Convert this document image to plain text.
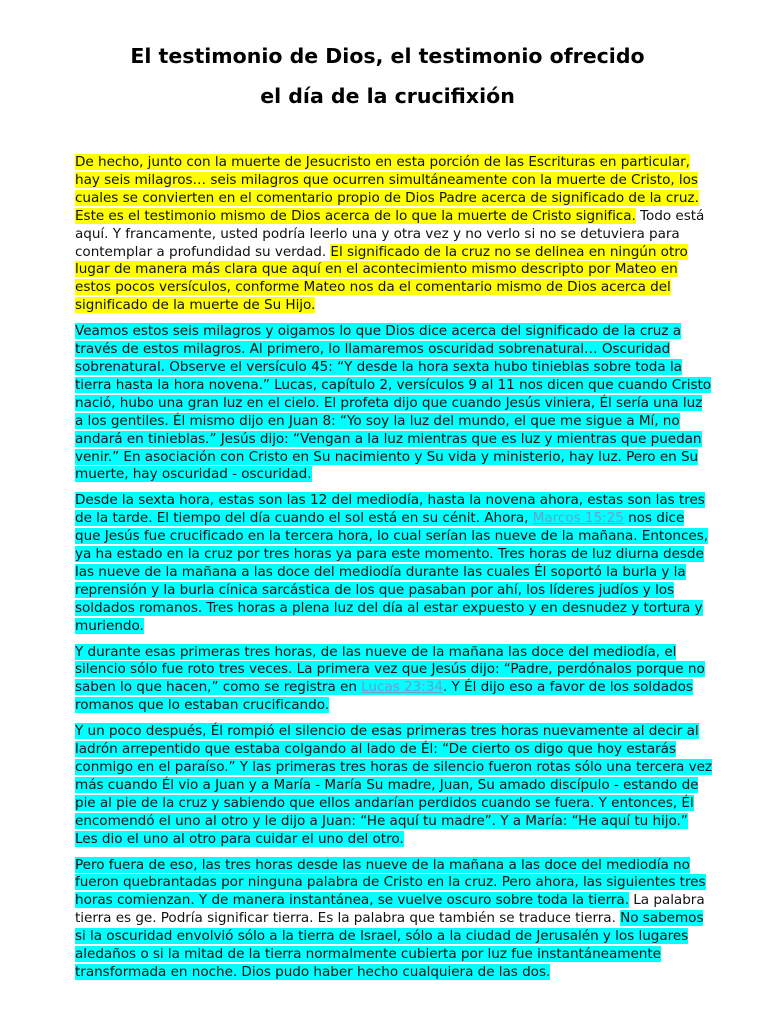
El testimonio de Dios, el testimonio ofrecido
el día de la crucifixión

De hecho, junto con la muerte de Jesucristo en esta porción de las Escrituras en particular, hay seis milagros… seis milagros que ocurren simultáneamente con la muerte de Cristo, los cuales se convierten en el comentario propio de Dios Padre acerca de significado de la cruz. Este es el testimonio mismo de Dios acerca de lo que la muerte de Cristo significa. Todo está aquí. Y francamente, usted podría leerlo una y otra vez y no verlo si no se detuviera para contemplar a profundidad su verdad. El significado de la cruz no se delinea en ningún otro lugar de manera más clara que aquí en el acontecimiento mismo descripto por Mateo en estos pocos versículos, conforme Mateo nos da el comentario mismo de Dios acerca del significado de la muerte de Su Hijo.

Veamos estos seis milagros y oigamos lo que Dios dice acerca del significado de la cruz a través de estos milagros. Al primero, lo llamaremos oscuridad sobrenatural… Oscuridad sobrenatural. Observe el versículo 45: “Y desde la hora sexta hubo tinieblas sobre toda la tierra hasta la hora novena.” Lucas, capítulo 2, versículos 9 al 11 nos dicen que cuando Cristo nació, hubo una gran luz en el cielo. El profeta dijo que cuando Jesús viniera, Él sería una luz a los gentiles. Él mismo dijo en Juan 8: “Yo soy la luz del mundo, el que me sigue a Mí, no andará en tinieblas.” Jesús dijo: “Vengan a la luz mientras que es luz y mientras que puedan venir.” En asociación con Cristo en Su nacimiento y Su vida y ministerio, hay luz. Pero en Su muerte, hay oscuridad - oscuridad.

Desde la sexta hora, estas son las 12 del mediodía, hasta la novena ahora, estas son las tres de la tarde. El tiempo del día cuando el sol está en su cénit. Ahora, Marcos 15:25 nos dice que Jesús fue crucificado en la tercera hora, lo cual serían las nueve de la mañana. Entonces, ya ha estado en la cruz por tres horas ya para este momento. Tres horas de luz diurna desde las nueve de la mañana a las doce del mediodía durante las cuales Él soportó la burla y la reprensión y la burla cínica sarcástica de los que pasaban por ahí, los líderes judíos y los soldados romanos. Tres horas a plena luz del día al estar expuesto y en desnudez y tortura y muriendo.

Y durante esas primeras tres horas, de las nueve de la mañana las doce del mediodía, el silencio sólo fue roto tres veces. La primera vez que Jesús dijo: “Padre, perdónalos porque no saben lo que hacen,” como se registra en Lucas 23:34. Y Él dijo eso a favor de los soldados romanos que lo estaban crucificando.

Y un poco después, Él rompió el silencio de esas primeras tres horas nuevamente al decir al ladrón arrepentido que estaba colgando al lado de Él: “De cierto os digo que hoy estarás conmigo en el paraíso.” Y las primeras tres horas de silencio fueron rotas sólo una tercera vez más cuando Él vio a Juan y a María - María Su madre, Juan, Su amado discípulo - estando de pie al pie de la cruz y sabiendo que ellos andarían perdidos cuando se fuera. Y entonces, Él encomendó el uno al otro y le dijo a Juan: “He aquí tu madre”. Y a María: “He aquí tu hijo.” Les dio el uno al otro para cuidar el uno del otro.

Pero fuera de eso, las tres horas desde las nueve de la mañana a las doce del mediodía no fueron quebrantadas por ninguna palabra de Cristo en la cruz. Pero ahora, las siguientes tres horas comienzan. Y de manera instantánea, se vuelve oscuro sobre toda la tierra. La palabra tierra es ge. Podría significar tierra. Es la palabra que también se traduce tierra. No sabemos si la oscuridad envolvió sólo a la tierra de Israel, sólo a la ciudad de Jerusalén y los lugares aledaños o si la mitad de la tierra normalmente cubierta por luz fue instantáneamente transformada en noche. Dios pudo haber hecho cualquiera de las dos.
